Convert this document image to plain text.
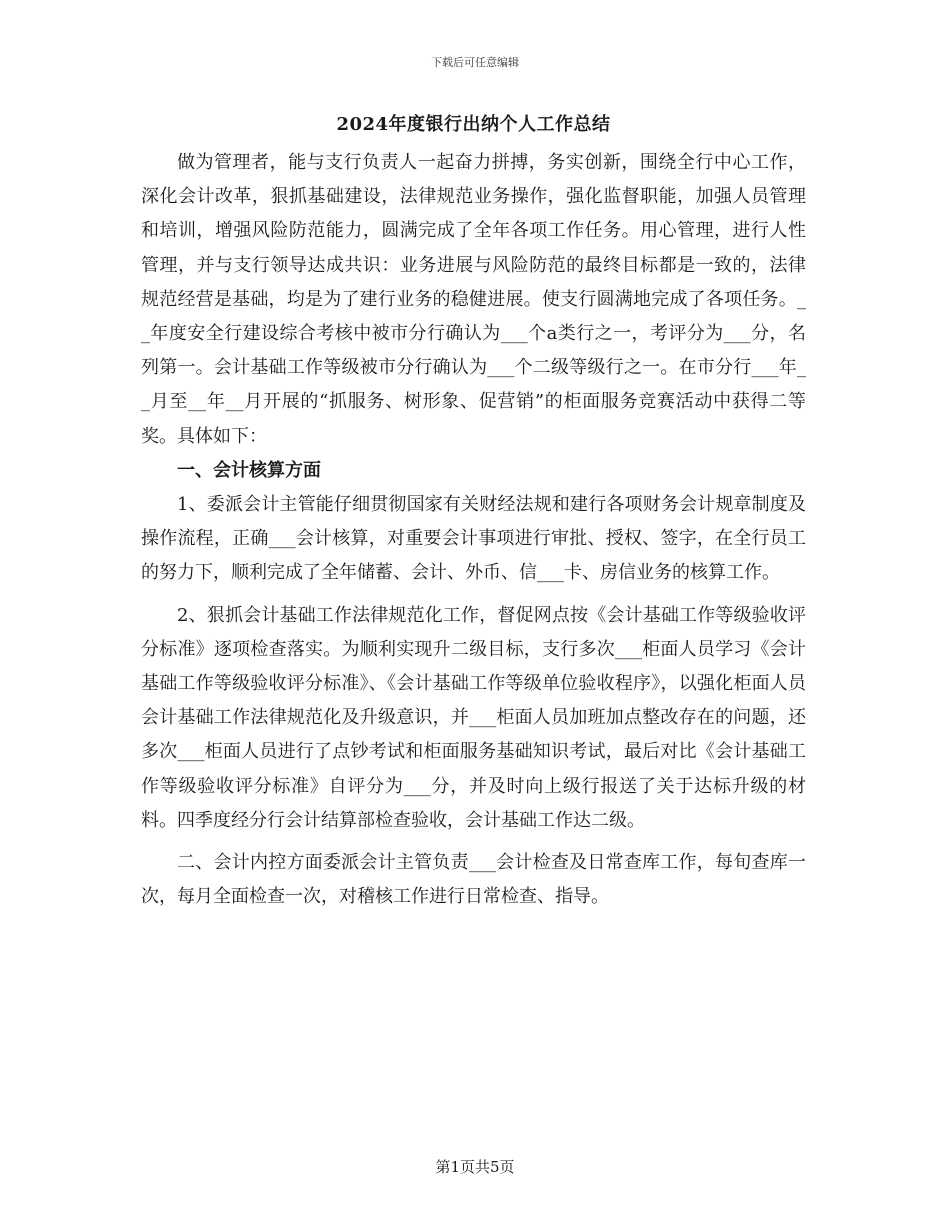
下载后可任意编辑
2024年度银行出纳个人工作总结

做为管理者，能与支行负责人一起奋力拼搏，务实创新，围绕全行中心工作，深化会计改革，狠抓基础建设，法律规范业务操作，强化监督职能，加强人员管理和培训，增强风险防范能力，圆满完成了全年各项工作任务。用心管理，进行人性管理，并与支行领导达成共识：业务进展与风险防范的最终目标都是一致的，法律规范经营是基础，均是为了建行业务的稳健进展。使支行圆满地完成了各项任务。__年度安全行建设综合考核中被市分行确认为___个a类行之一，考评分为___分，名列第一。会计基础工作等级被市分行确认为___个二级等级行之一。在市分行___年__月至__年__月开展的“抓服务、树形象、促营销”的柜面服务竞赛活动中获得二等奖。具体如下：

一、会计核算方面

1、委派会计主管能仔细贯彻国家有关财经法规和建行各项财务会计规章制度及操作流程，正确___会计核算，对重要会计事项进行审批、授权、签字，在全行员工的努力下，顺利完成了全年储蓄、会计、外币、信___卡、房信业务的核算工作。

2、狠抓会计基础工作法律规范化工作，督促网点按《会计基础工作等级验收评分标准》逐项检查落实。为顺利实现升二级目标，支行多次___柜面人员学习《会计基础工作等级验收评分标准》、《会计基础工作等级单位验收程序》，以强化柜面人员会计基础工作法律规范化及升级意识，并___柜面人员加班加点整改存在的问题，还多次___柜面人员进行了点钞考试和柜面服务基础知识考试，最后对比《会计基础工作等级验收评分标准》自评分为___分，并及时向上级行报送了关于达标升级的材料。四季度经分行会计结算部检查验收，会计基础工作达二级。

二、会计内控方面委派会计主管负责___会计检查及日常查库工作，每旬查库一次，每月全面检查一次，对稽核工作进行日常检查、指导。

第1页共5页
